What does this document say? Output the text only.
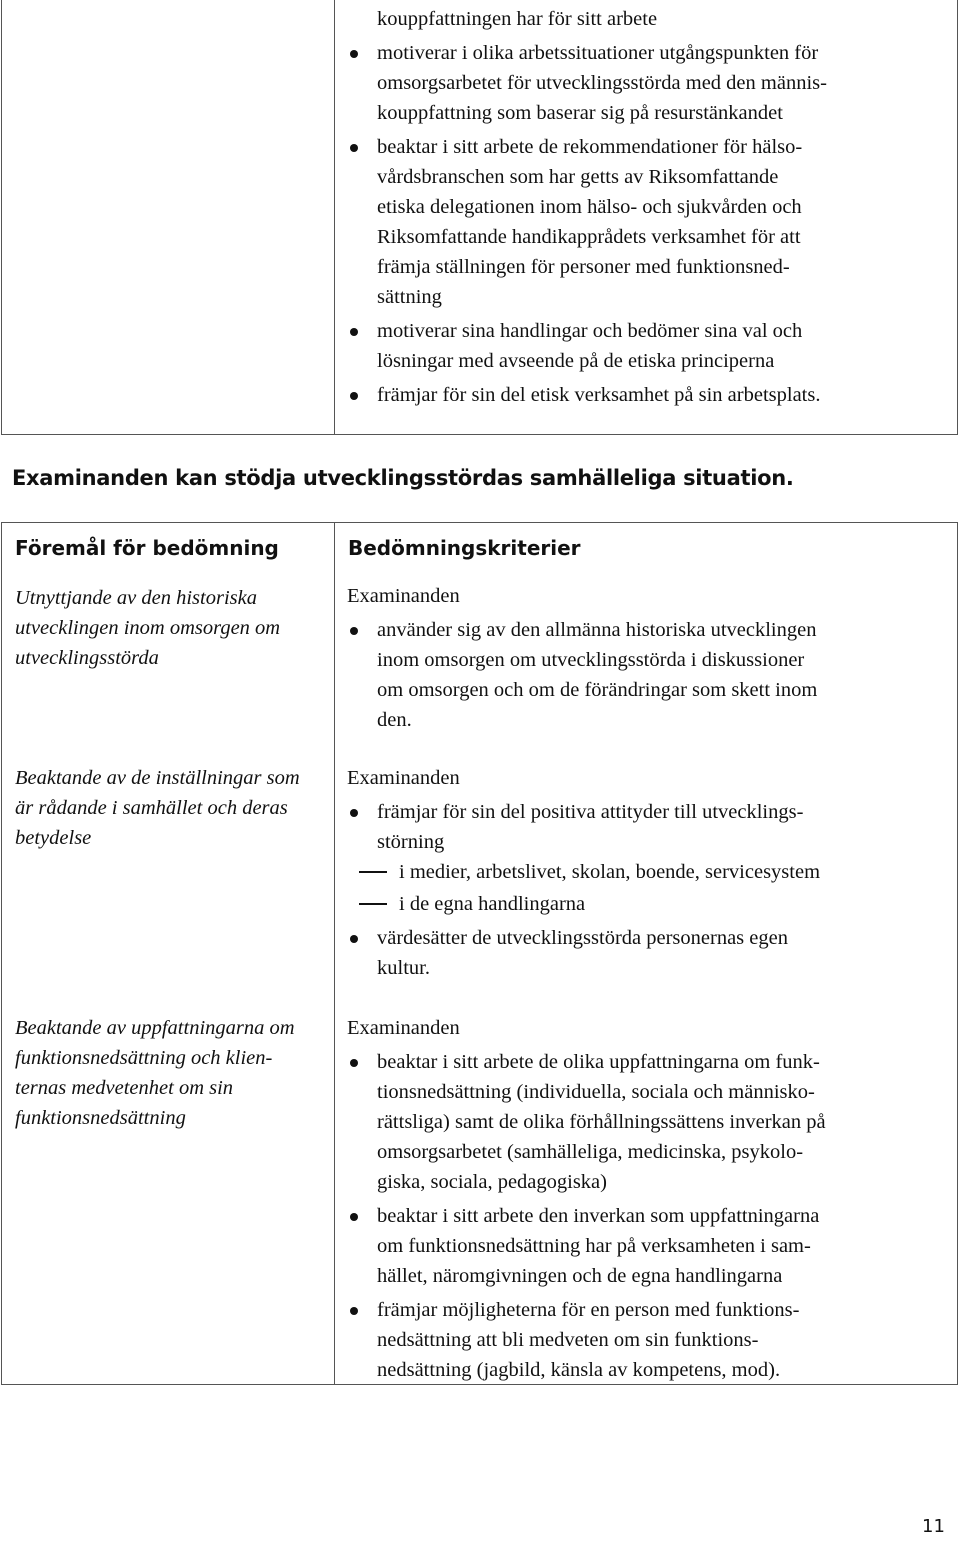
kouppfattningen har för sitt arbete
motiverar i olika arbetssituationer utgångspunkten för
omsorgsarbetet för utvecklingsstörda med den männis-
kouppfattning som baserar sig på resurstänkandet
beaktar i sitt arbete de rekommendationer för hälso-
vårdsbranschen som har getts av Riksomfattande
etiska delegationen inom hälso- och sjukvården och
Riksomfattande handikapprådets verksamhet för att
främja ställningen för personer med funktionsned-
sättning
motiverar sina handlingar och bedömer sina val och
lösningar med avseende på de etiska principerna
främjar för sin del etisk verksamhet på sin arbetsplats.
Examinanden kan stödja utvecklingsstördas samhälleliga situation.
Föremål för bedömning	Bedömningskriterier
Utnyttjande av den historiska
utvecklingen inom omsorgen om
utvecklingsstörda
Examinanden
använder sig av den allmänna historiska utvecklingen
inom omsorgen om utvecklingsstörda i diskussioner
om omsorgen och om de förändringar som skett inom
den.
Beaktande av de inställningar som
är rådande i samhället och deras
betydelse
Examinanden
främjar för sin del positiva attityder till utvecklings-
störning
i medier, arbetslivet, skolan, boende, servicesystem
i de egna handlingarna
värdesätter de utvecklingsstörda personernas egen
kultur.
Beaktande av uppfattningarna om
funktionsnedsättning och klien-
ternas medvetenhet om sin
funktionsnedsättning
Examinanden
beaktar i sitt arbete de olika uppfattningarna om funk-
tionsnedsättning (individuella, sociala och människo-
rättsliga) samt de olika förhållningssättens inverkan på
omsorgsarbetet (samhälleliga, medicinska, psykolo-
giska, sociala, pedagogiska)
beaktar i sitt arbete den inverkan som uppfattningarna
om funktionsnedsättning har på verksamheten i sam-
hället, näromgivningen och de egna handlingarna
främjar möjligheterna för en person med funktions-
nedsättning att bli medveten om sin funktions-
nedsättning (jagbild, känsla av kompetens, mod).
11
